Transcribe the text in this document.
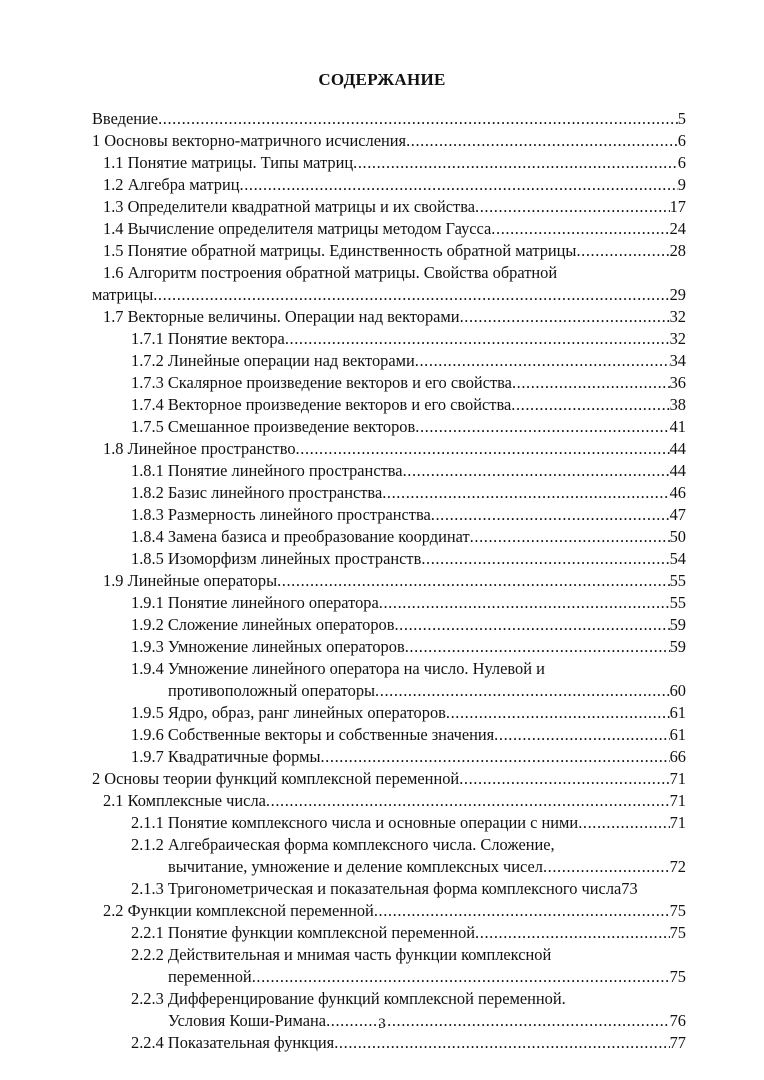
СОДЕРЖАНИЕ
Введение .....	5
1 Оосновы векторно-матричного исчисления .....	6
1.1 Понятие матрицы. Типы матриц .....	6
1.2 Алгебра матриц .....	9
1.3 Определители квадратной матрицы и их свойства .....	17
1.4 Вычисление определителя матрицы методом Гаусса .....	24
1.5 Понятие обратной матрицы. Единственность обратной матрицы .....	28
1.6 Алгоритм построения обратной матрицы. Свойства обратной
матрицы .....	29
1.7 Векторные величины. Операции над векторами .....	32
1.7.1 Понятие вектора .....	32
1.7.2 Линейные операции над векторами .....	34
1.7.3 Скалярное произведение векторов и его свойства .....	36
1.7.4 Векторное произведение векторов и его свойства .....	38
1.7.5 Смешанное произведение векторов .....	41
1.8 Линейное пространство .....	44
1.8.1 Понятие линейного пространства .....	44
1.8.2 Базис линейного пространства .....	46
1.8.3 Размерность линейного пространства .....	47
1.8.4 Замена базиса и преобразование координат .....	50
1.8.5 Изоморфизм линейных пространств .....	54
1.9 Линейные операторы .....	55
1.9.1 Понятие линейного оператора .....	55
1.9.2 Сложение линейных операторов .....	59
1.9.3 Умножение линейных операторов .....	59
1.9.4 Умножение линейного оператора на число. Нулевой и
противоположный операторы .....	60
1.9.5 Ядро, образ, ранг линейных операторов .....	61
1.9.6 Собственные векторы и собственные значения .....	61
1.9.7 Квадратичные формы .....	66
2 Основы теории функций комплексной переменной .....	71
2.1 Комплексные числа .....	71
2.1.1 Понятие комплексного числа и основные операции с ними .....	71
2.1.2 Алгебраическая форма комплексного числа. Сложение,
вычитание, умножение и деление комплексных чисел .....	72
2.1.3 Тригонометрическая и показательная форма комплексного числа 73
2.2 Функции комплексной переменной .....	75
2.2.1 Понятие функции комплексной переменной .....	75
2.2.2 Действительная и мнимая часть функции комплексной
переменной .....	75
2.2.3 Дифференцирование функций комплексной переменной.
Условия Коши-Римана .....	76
2.2.4 Показательная функция .....	77
3
